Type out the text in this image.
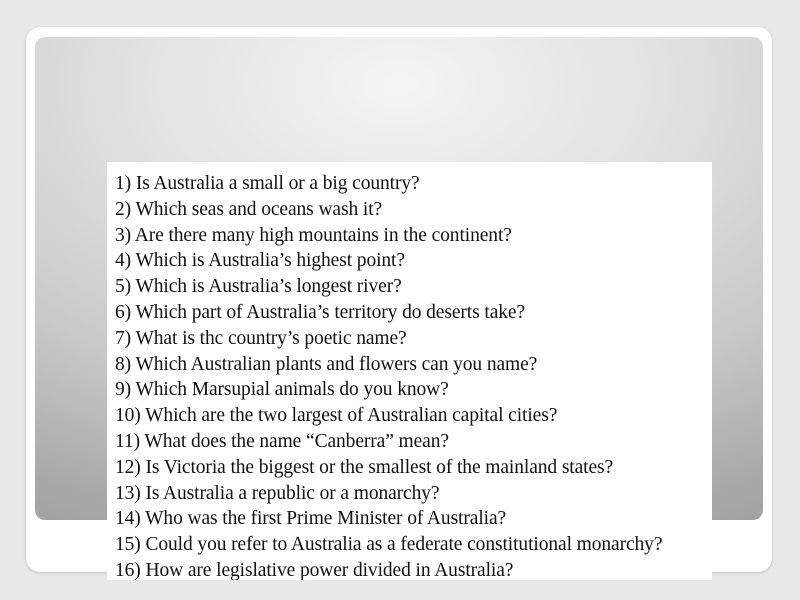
1) Is Australia a small or a big country?
2) Which seas and oceans wash it?
3) Are there many high mountains in the continent?
4) Which is Australia’s highest point?
5) Which is Australia’s longest river?
6) Which part of Australia’s territory do deserts take?
7) What is thc country’s poetic name?
8) Which Australian plants and flowers can you name?
9) Which Marsupial animals do you know?
10) Which are the two largest of Australian capital cities?
11) What does the name “Canberra” mean?
12) Is Victoria the biggest or the smallest of the mainland states?
13) Is Australia a republic or a monarchy?
14) Who was the first Prime Minister of Australia?
15) Could you refer to Australia as a federate constitutional monarchy?
16) How are legislative power divided in Australia?
